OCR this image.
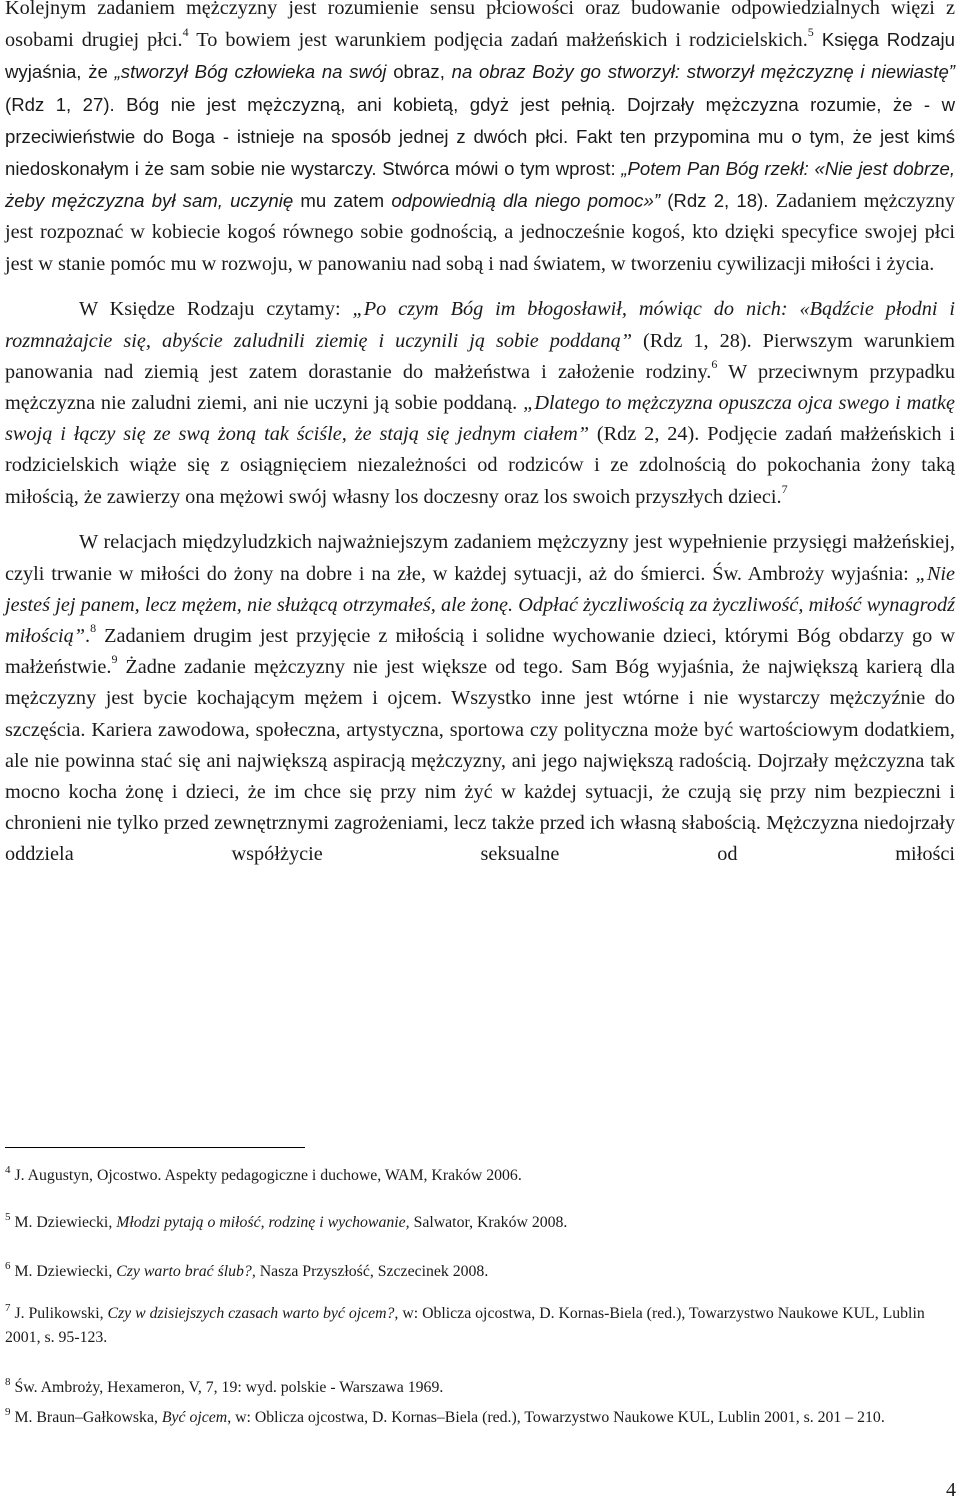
Kolejnym zadaniem mężczyzny jest rozumienie sensu płciowości oraz budowanie odpowiedzialnych więzi z osobami drugiej płci.$^4$ To bowiem jest warunkiem podjęcia zadań małżeńskich i rodzicielskich.$^5$ Księga Rodzaju wyjaśnia, że „stworzył Bóg człowieka na swój obraz, na obraz Boży go stworzył: stworzył mężczyznę i niewiastę” (Rdz 1, 27). Bóg nie jest mężczyzną, ani kobietą, gdyż jest pełnią. Dojrzały mężczyzna rozumie, że - w przeciwieństwie do Boga - istnieje na sposób jednej z dwóch płci. Fakt ten przypomina mu o tym, że jest kimś niedoskonałym i że sam sobie nie wystarczy. Stwórca mówi o tym wprost: „Potem Pan Bóg rzekł: «Nie jest dobrze, żeby mężczyzna był sam, uczynię mu zatem odpowiednią dla niego pomoc»” (Rdz 2, 18). Zadaniem mężczyzny jest rozpoznać w kobiecie kogoś równego sobie godnością, a jednocześnie kogoś, kto dzięki specyfice swojej płci jest w stanie pomóc mu w rozwoju, w panowaniu nad sobą i nad światem, w tworzeniu cywilizacji miłości i życia.

W Księdze Rodzaju czytamy: „Po czym Bóg im błogosławił, mówiąc do nich: «Bądźcie płodni i rozmnażajcie się, abyście zaludnili ziemię i uczynili ją sobie poddaną” (Rdz 1, 28). Pierwszym warunkiem panowania nad ziemią jest zatem dorastanie do małżeństwa i założenie rodziny.$^6$ W przeciwnym przypadku mężczyzna nie zaludni ziemi, ani nie uczyni ją sobie poddaną. „Dlatego to mężczyzna opuszcza ojca swego i matkę swoją i łączy się ze swą żoną tak ściśle, że stają się jednym ciałem” (Rdz 2, 24). Podjęcie zadań małżeńskich i rodzicielskich wiąże się z osiągnięciem niezależności od rodziców i ze zdolnością do pokochania żony taką miłością, że zawierzy ona mężowi swój własny los doczesny oraz los swoich przyszłych dzieci.$^7$

W relacjach międzyludzkich najważniejszym zadaniem mężczyzny jest wypełnienie przysięgi małżeńskiej, czyli trwanie w miłości do żony na dobre i na złe, w każdej sytuacji, aż do śmierci. Św. Ambroży wyjaśnia: „Nie jesteś jej panem, lecz mężem, nie służącą otrzymałeś, ale żonę. Odpłać życzliwością za życzliwość, miłość wynagrodź miłością”.$^8$ Zadaniem drugim jest przyjęcie z miłością i solidne wychowanie dzieci, którymi Bóg obdarzy go w małżeństwie.$^9$ Żadne zadanie mężczyzny nie jest większe od tego. Sam Bóg wyjaśnia, że największą karierą dla mężczyzny jest bycie kochającym mężem i ojcem. Wszystko inne jest wtórne i nie wystarczy mężczyźnie do szczęścia. Kariera zawodowa, społeczna, artystyczna, sportowa czy polityczna może być wartościowym dodatkiem, ale nie powinna stać się ani największą aspiracją mężczyzny, ani jego największą radością. Dojrzały mężczyzna tak mocno kocha żonę i dzieci, że im chce się przy nim żyć w każdej sytuacji, że czują się przy nim bezpieczni i chronieni nie tylko przed zewnętrznymi zagrożeniami, lecz także przed ich własną słabością. Mężczyzna niedojrzały oddziela współżycie seksualne od miłości

$^4$ J. Augustyn, Ojcostwo. Aspekty pedagogiczne i duchowe, WAM, Kraków 2006.
$^5$ M. Dziewiecki, Młodzi pytają o miłość, rodzinę i wychowanie, Salwator, Kraków 2008.
$^6$ M. Dziewiecki, Czy warto brać ślub?, Nasza Przyszłość, Szczecinek 2008.
$^7$ J. Pulikowski, Czy w dzisiejszych czasach warto być ojcem?, w: Oblicza ojcostwa, D. Kornas-Biela (red.), Towarzystwo Naukowe KUL, Lublin 2001, s. 95-123.
$^8$ Św. Ambroży, Hexameron, V, 7, 19: wyd. polskie - Warszawa 1969.
$^9$ M. Braun–Gałkowska, Być ojcem, w: Oblicza ojcostwa, D. Kornas–Biela (red.), Towarzystwo Naukowe KUL, Lublin 2001, s. 201 – 210.
4
